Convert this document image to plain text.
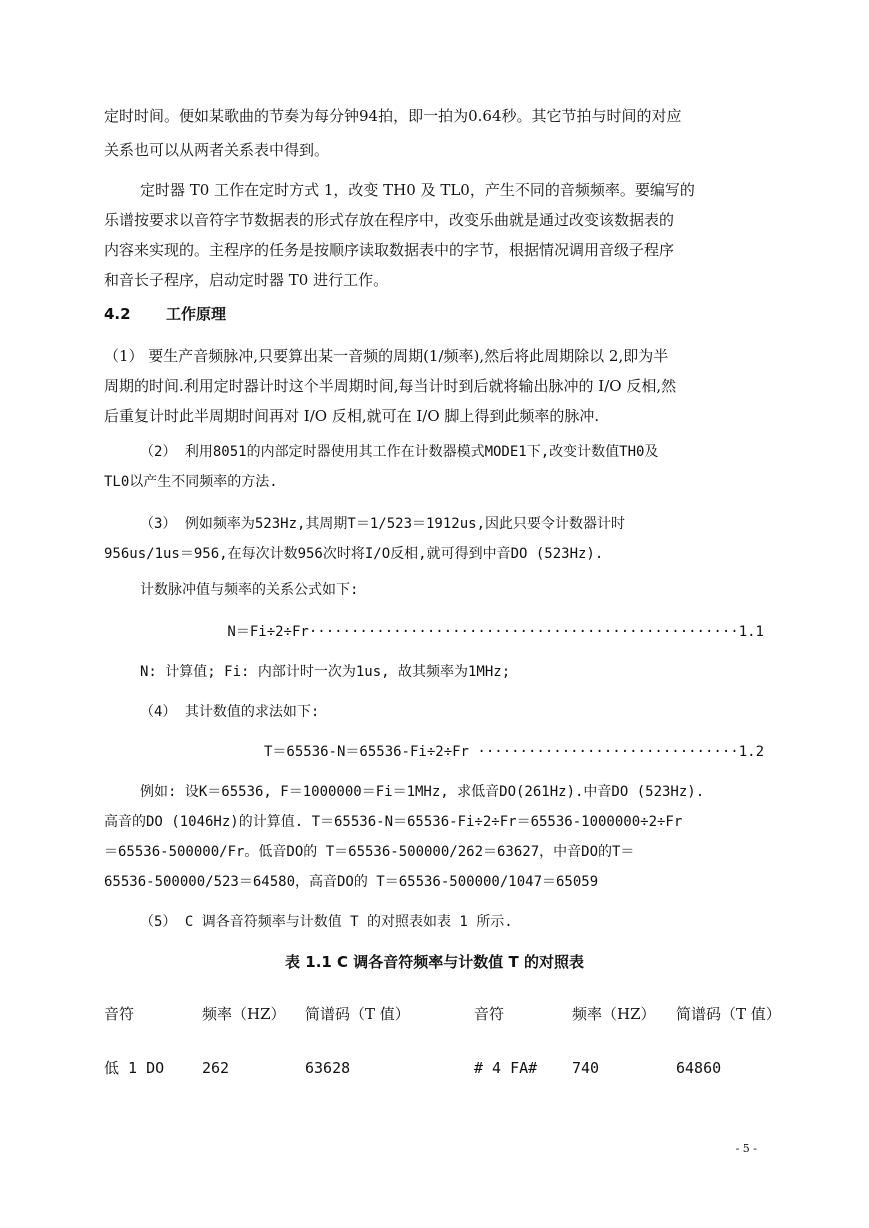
定时时间。便如某歌曲的节奏为每分钟94拍，即一拍为0.64秒。其它节拍与时间的对应
关系也可以从两者关系表中得到。
定时器 T0 工作在定时方式 1，改变 TH0 及 TL0，产生不同的音频频率。要编写的
乐谱按要求以音符字节数据表的形式存放在程序中，改变乐曲就是通过改变该数据表的
内容来实现的。主程序的任务是按顺序读取数据表中的字节，根据情况调用音级子程序
和音长子程序，启动定时器 T0 进行工作。
4.2 工作原理
（1） 要生产音频脉冲,只要算出某一音频的周期(1/频率),然后将此周期除以 2,即为半
周期的时间.利用定时器计时这个半周期时间,每当计时到后就将输出脉冲的 I/O 反相,然
后重复计时此半周期时间再对 I/O 反相,就可在 I/O 脚上得到此频率的脉冲.
（2） 利用8051的内部定时器使用其工作在计数器模式MODE1下,改变计数值TH0及
TL0以产生不同频率的方法.
（3） 例如频率为523Hz,其周期T＝1/523＝1912us,因此只要令计数器计时
956us/1us＝956,在每次计数956次时将I/O反相,就可得到中音DO (523Hz).
计数脉冲值与频率的关系公式如下:
N＝Fi÷2÷Fr···················································1.1
N: 计算值; Fi: 内部计时一次为1us, 故其频率为1MHz;
（4） 其计数值的求法如下:
T＝65536-N＝65536-Fi÷2÷Fr ·······························1.2
例如: 设K＝65536, F＝1000000＝Fi＝1MHz, 求低音DO(261Hz).中音DO (523Hz).
高音的DO (1046Hz)的计算值. T＝65536-N＝65536-Fi÷2÷Fr＝65536-1000000÷2÷Fr
＝65536-500000/Fr。低音DO的 T＝65536-500000/262＝63627，中音DO的T＝
65536-500000/523＝64580，高音DO的 T＝65536-500000/1047＝65059
（5） C 调各音符频率与计数值 T 的对照表如表 1 所示.
表 1.1 C 调各音符频率与计数值 T 的对照表
音符	频率（HZ） 简谱码（T 值）	音符	频率（HZ） 简谱码（T 值）
低 1 DO	262	63628	# 4 FA# 740	64860
- 5 -
